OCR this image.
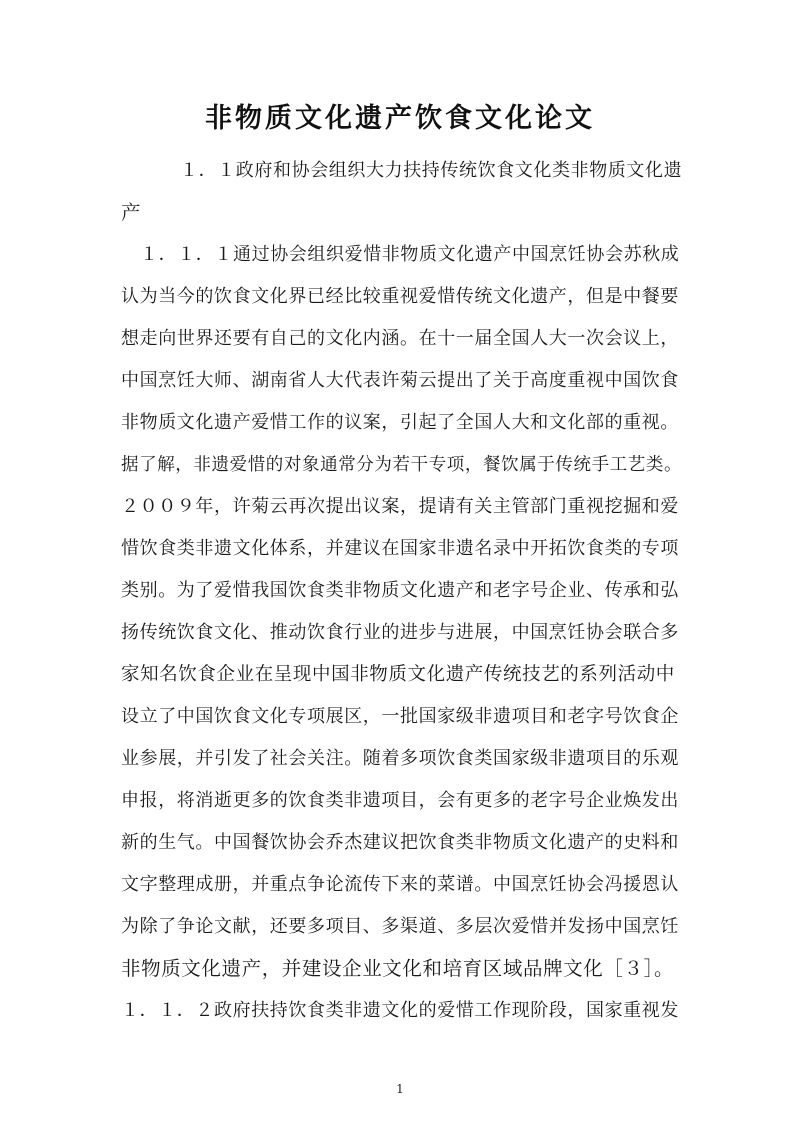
非物质文化遗产饮食文化论文
１．１政府和协会组织大力扶持传统饮食文化类非物质文化遗
产
１．１．１通过协会组织爱惜非物质文化遗产中国烹饪协会苏秋成
认为当今的饮食文化界已经比较重视爱惜传统文化遗产，但是中餐要
想走向世界还要有自己的文化内涵。在十一届全国人大一次会议上，
中国烹饪大师、湖南省人大代表许菊云提出了关于高度重视中国饮食
非物质文化遗产爱惜工作的议案，引起了全国人大和文化部的重视。
据了解，非遗爱惜的对象通常分为若干专项，餐饮属于传统手工艺类。
２００９年，许菊云再次提出议案，提请有关主管部门重视挖掘和爱
惜饮食类非遗文化体系，并建议在国家非遗名录中开拓饮食类的专项
类别。为了爱惜我国饮食类非物质文化遗产和老字号企业、传承和弘
扬传统饮食文化、推动饮食行业的进步与进展，中国烹饪协会联合多
家知名饮食企业在呈现中国非物质文化遗产传统技艺的系列活动中
设立了中国饮食文化专项展区，一批国家级非遗项目和老字号饮食企
业参展，并引发了社会关注。随着多项饮食类国家级非遗项目的乐观
申报，将消逝更多的饮食类非遗项目，会有更多的老字号企业焕发出
新的生气。中国餐饮协会乔杰建议把饮食类非物质文化遗产的史料和
文字整理成册，并重点争论流传下来的菜谱。中国烹饪协会冯援恩认
为除了争论文献，还要多项目、多渠道、多层次爱惜并发扬中国烹饪
非物质文化遗产，并建设企业文化和培育区域品牌文化［３］。
１．１．２政府扶持饮食类非遗文化的爱惜工作现阶段，国家重视发
1
